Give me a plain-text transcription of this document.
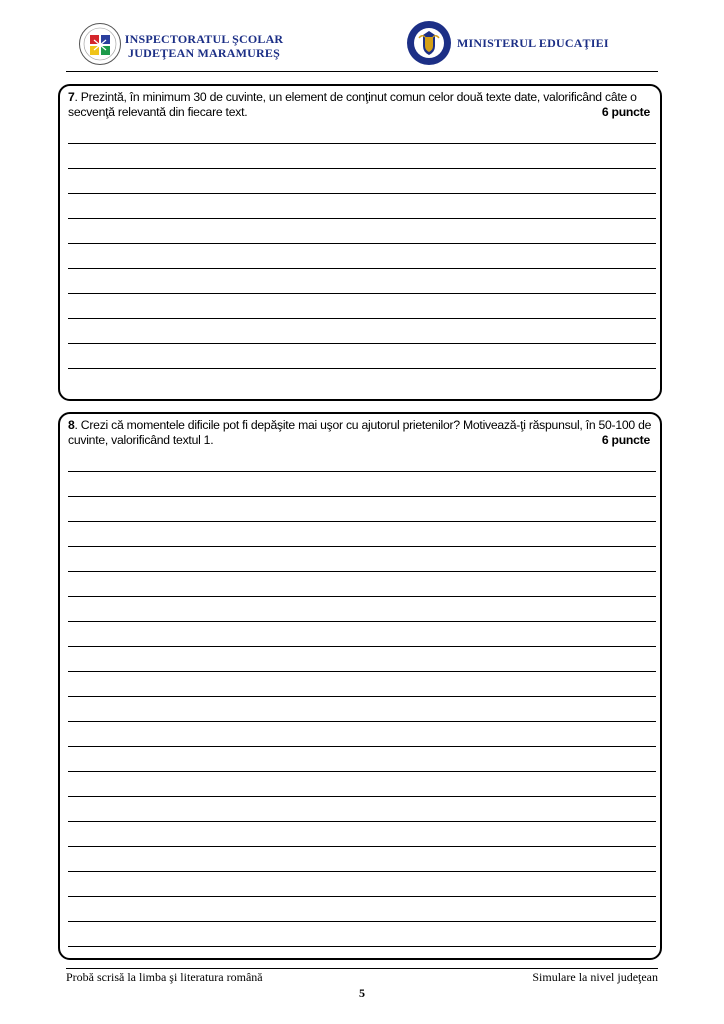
INSPECTORATUL ŞCOLAR
JUDEŢEAN MARAMUREŞ
MINISTERUL EDUCAŢIEI
7. Prezintă, în minimum 30 de cuvinte, un element de conţinut comun celor două texte date, valorificând câte o secvenţă relevantă din fiecare text.	6 puncte
8. Crezi că momentele dificile pot fi depăşite mai uşor cu ajutorul prietenilor? Motivează-ţi răspunsul, în 50-100 de cuvinte, valorificând textul 1.	6 puncte
Probă scrisă la limba şi literatura română	Simulare la nivel judeţean
5
